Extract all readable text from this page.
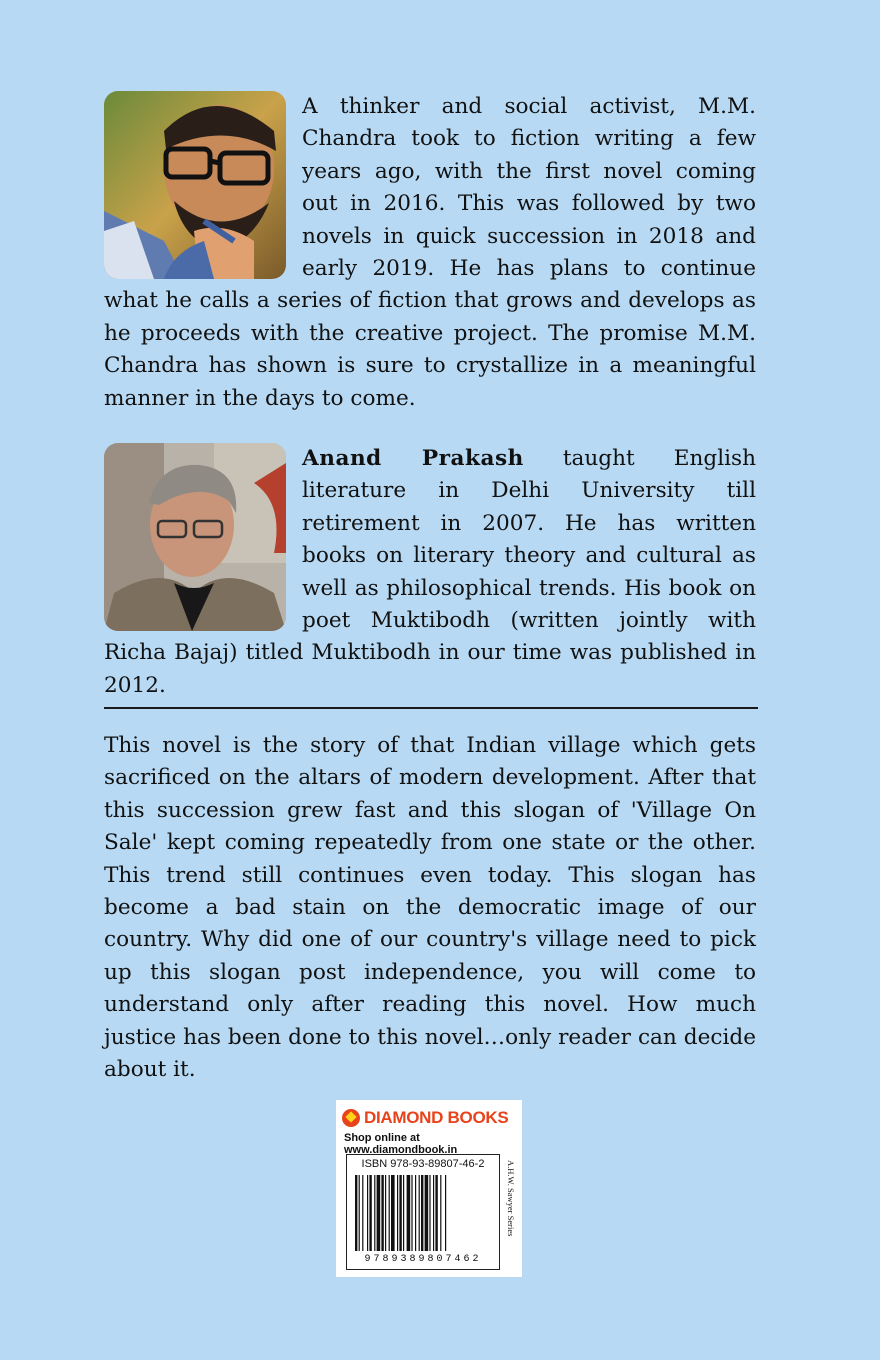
A thinker and social activist, M.M. Chandra took to fiction writing a few years ago, with the first novel coming out in 2016. This was followed by two novels in quick succession in 2018 and early 2019. He has plans to continue what he calls a series of fiction that grows and develops as he proceeds with the creative project. The promise M.M. Chandra has shown is sure to crystallize in a meaningful manner in the days to come.

Anand Prakash taught English literature in Delhi University till retirement in 2007. He has written books on literary theory and cultural as well as philosophical trends. His book on poet Muktibodh (written jointly with Richa Bajaj) titled Muktibodh in our time was published in 2012.

This novel is the story of that Indian village which gets sacrificed on the altars of modern development. After that this succession grew fast and this slogan of 'Village On Sale' kept coming repeatedly from one state or the other. This trend still continues even today. This slogan has become a bad stain on the democratic image of our country. Why did one of our country's village need to pick up this slogan post independence, you will come to understand only after reading this novel. How much justice has been done to this novel…only reader can decide about it.

DIAMOND BOOKS
Shop online at www.diamondbook.in
ISBN 978-93-89807-46-2
9789389807462
A.H.W. Sawyer Series
